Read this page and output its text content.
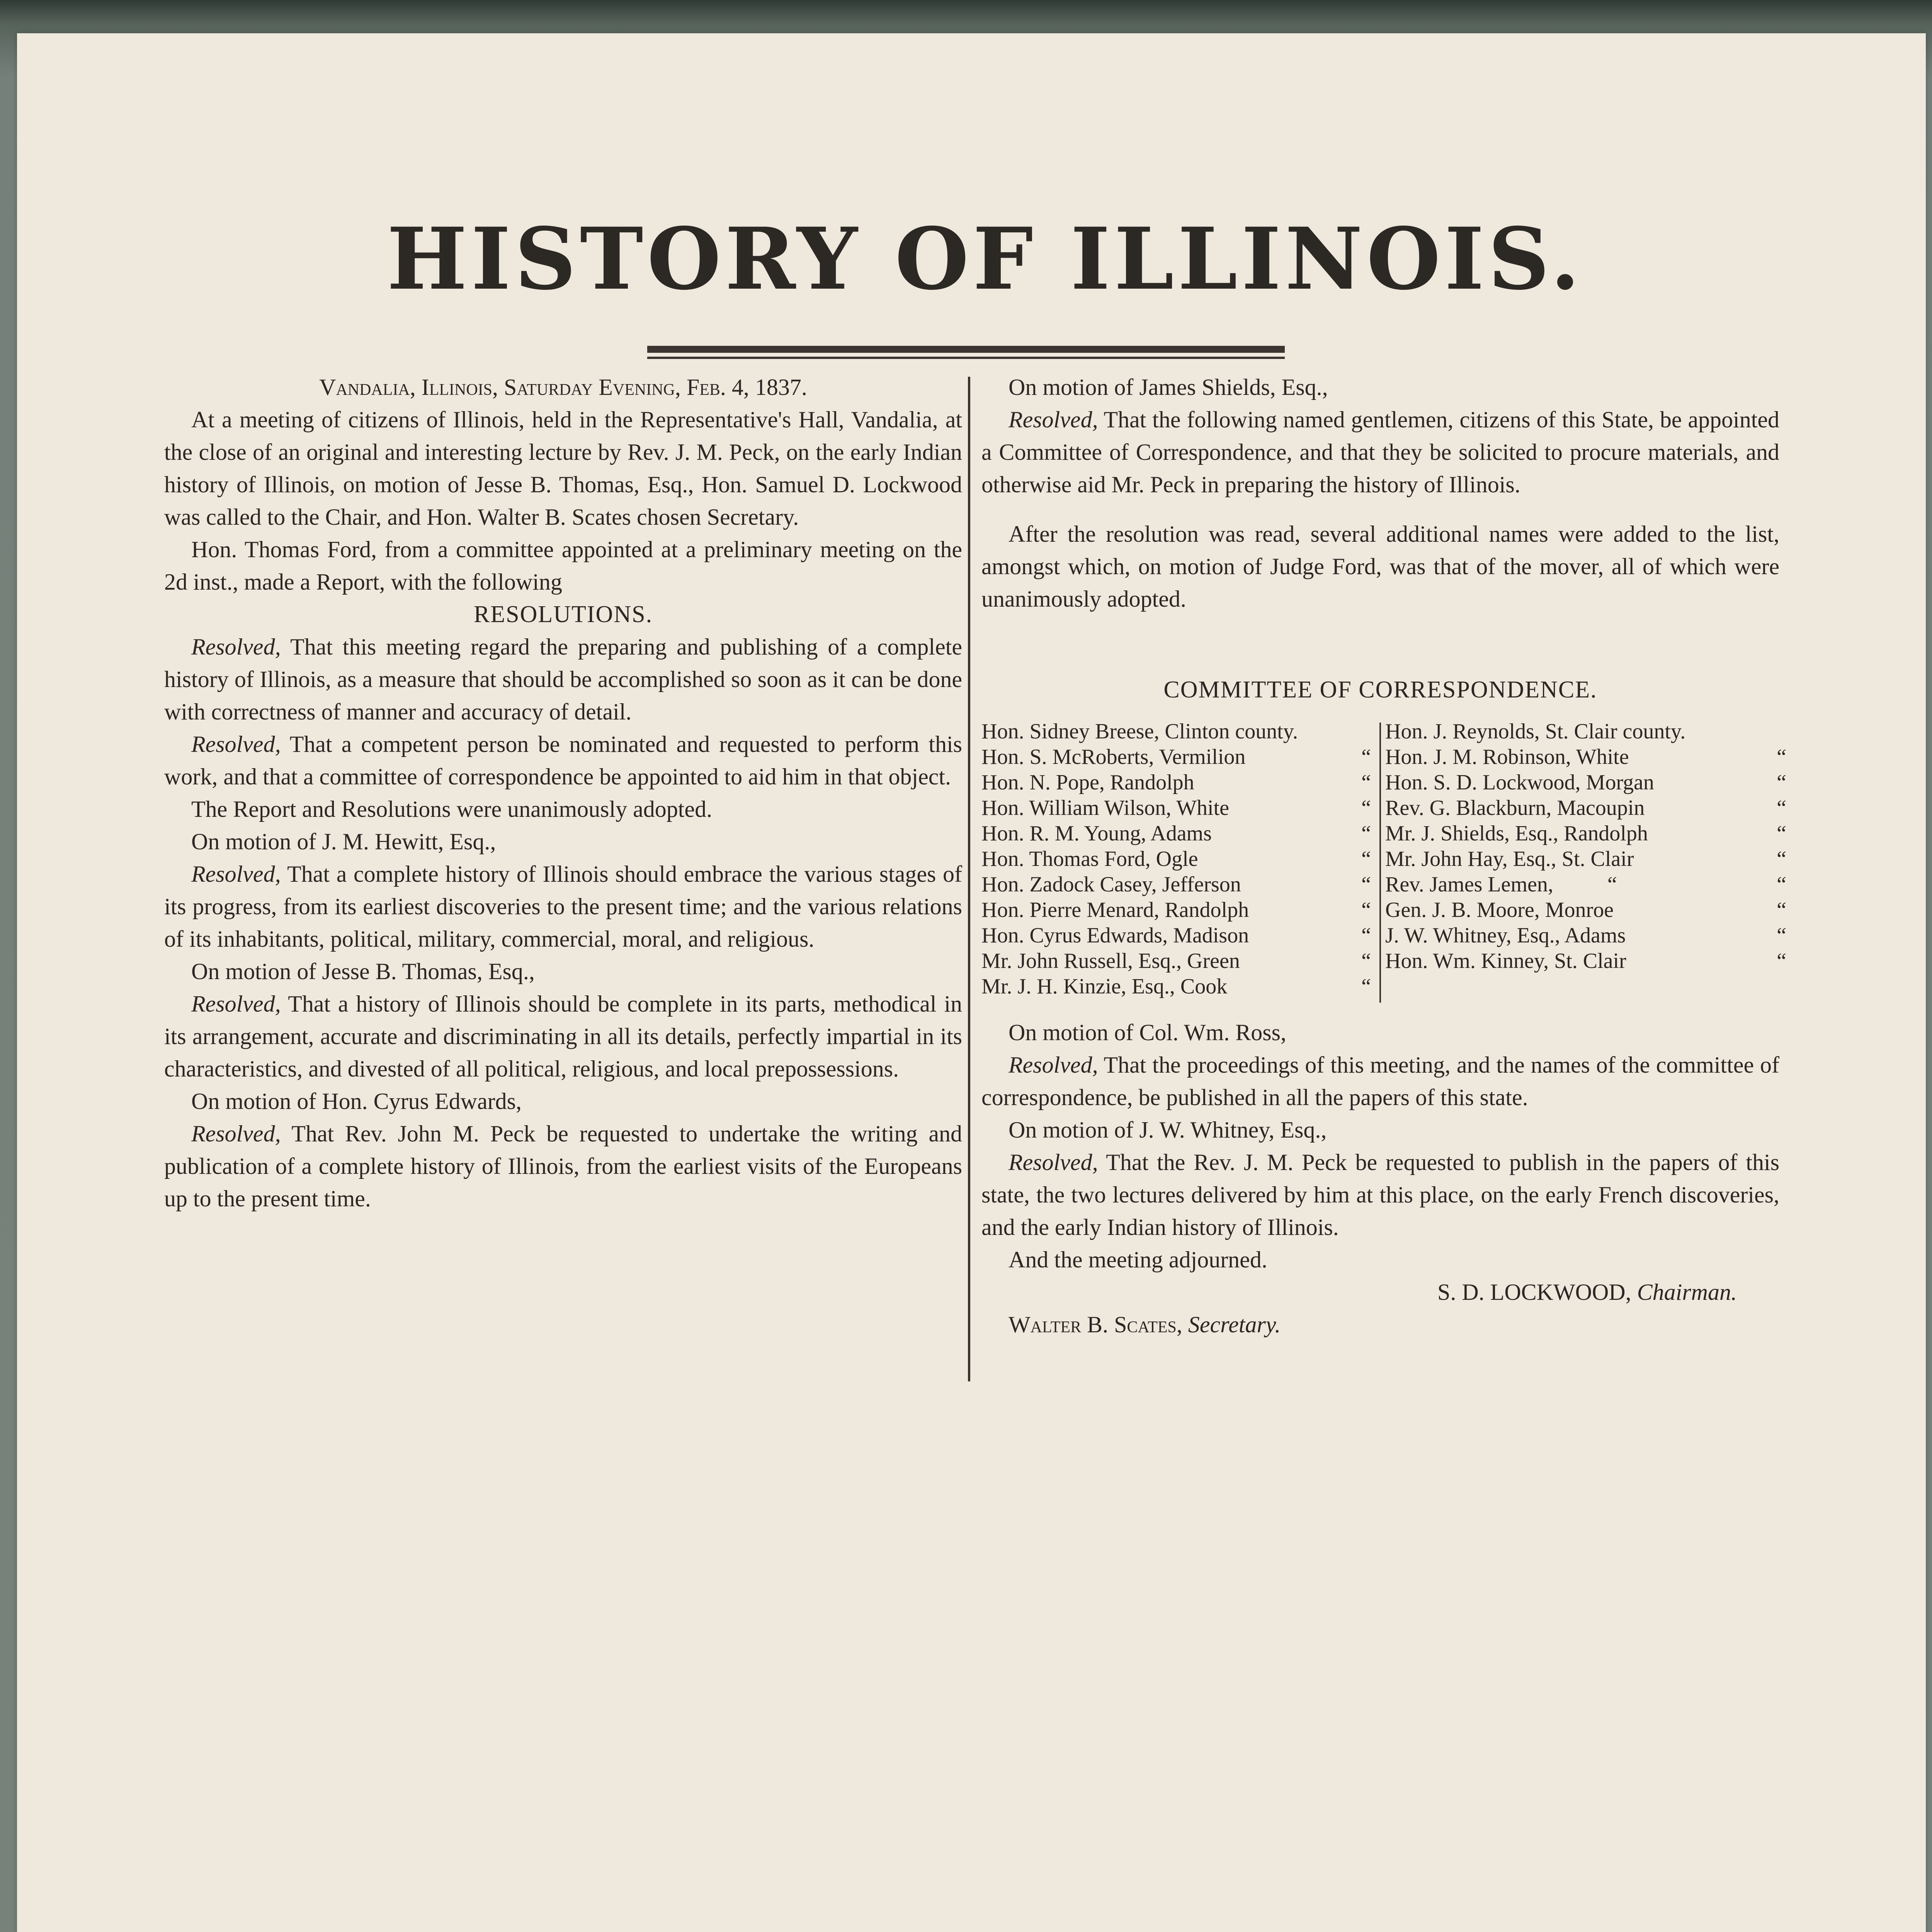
HISTORY OF ILLINOIS.

Vandalia, Illinois, Saturday Evening, Feb. 4, 1837.

At a meeting of citizens of Illinois, held in the Representative's Hall, Vandalia, at the close of an original and interesting lecture by Rev. J. M. Peck, on the early Indian history of Illinois, on motion of Jesse B. Thomas, Esq., Hon. Samuel D. Lockwood was called to the Chair, and Hon. Walter B. Scates chosen Secretary.

Hon. Thomas Ford, from a committee appointed at a preliminary meeting on the 2d inst., made a Report, with the following

RESOLUTIONS.

Resolved, That this meeting regard the preparing and publishing of a complete history of Illinois, as a measure that should be accomplished so soon as it can be done with correctness of manner and accuracy of detail.

Resolved, That a competent person be nominated and requested to perform this work, and that a committee of correspondence be appointed to aid him in that object.

The Report and Resolutions were unanimously adopted.

On motion of J. M. Hewitt, Esq.,

Resolved, That a complete history of Illinois should embrace the various stages of its progress, from its earliest discoveries to the present time; and the various relations of its inhabitants, political, military, commercial, moral, and religious.

On motion of Jesse B. Thomas, Esq.,

Resolved, That a history of Illinois should be complete in its parts, methodical in its arrangement, accurate and discriminating in all its details, perfectly impartial in its characteristics, and divested of all political, religious, and local prepossessions.

On motion of Hon. Cyrus Edwards,

Resolved, That Rev. John M. Peck be requested to undertake the writing and publication of a complete history of Illinois, from the earliest visits of the Europeans up to the present time.

On motion of James Shields, Esq.,

Resolved, That the following named gentlemen, citizens of this State, be appointed a Committee of Correspondence, and that they be solicited to procure materials, and otherwise aid Mr. Peck in preparing the history of Illinois.

After the resolution was read, several additional names were added to the list, amongst which, on motion of Judge Ford, was that of the mover, all of which were unanimously adopted.

COMMITTEE OF CORRESPONDENCE.
Hon. Sidney Breese, Clinton county.
Hon. S. McRoberts, Vermilion	“
Hon. N. Pope, Randolph	“
Hon. William Wilson, White	“
Hon. R. M. Young, Adams	“
Hon. Thomas Ford, Ogle	“
Hon. Zadock Casey, Jefferson	“
Hon. Pierre Menard, Randolph	“
Hon. Cyrus Edwards, Madison	“
Mr. John Russell, Esq., Green	“
Mr. J. H. Kinzie, Esq., Cook	“
Hon. J. Reynolds, St. Clair county.
Hon. J. M. Robinson, White	“
Hon. S. D. Lockwood, Morgan	“
Rev. G. Blackburn, Macoupin	“
Mr. J. Shields, Esq., Randolph	“
Mr. John Hay, Esq., St. Clair	“
Rev. James Lemen,          “	“
Gen. J. B. Moore, Monroe	“
J. W. Whitney, Esq., Adams	“
Hon. Wm. Kinney, St. Clair	“

On motion of Col. Wm. Ross,

Resolved, That the proceedings of this meeting, and the names of the committee of correspondence, be published in all the papers of this state.

On motion of J. W. Whitney, Esq.,

Resolved, That the Rev. J. M. Peck be requested to publish in the papers of this state, the two lectures delivered by him at this place, on the early French discoveries, and the early Indian history of Illinois.

And the meeting adjourned.

S. D. LOCKWOOD, Chairman.

Walter B. Scates, Secretary.
